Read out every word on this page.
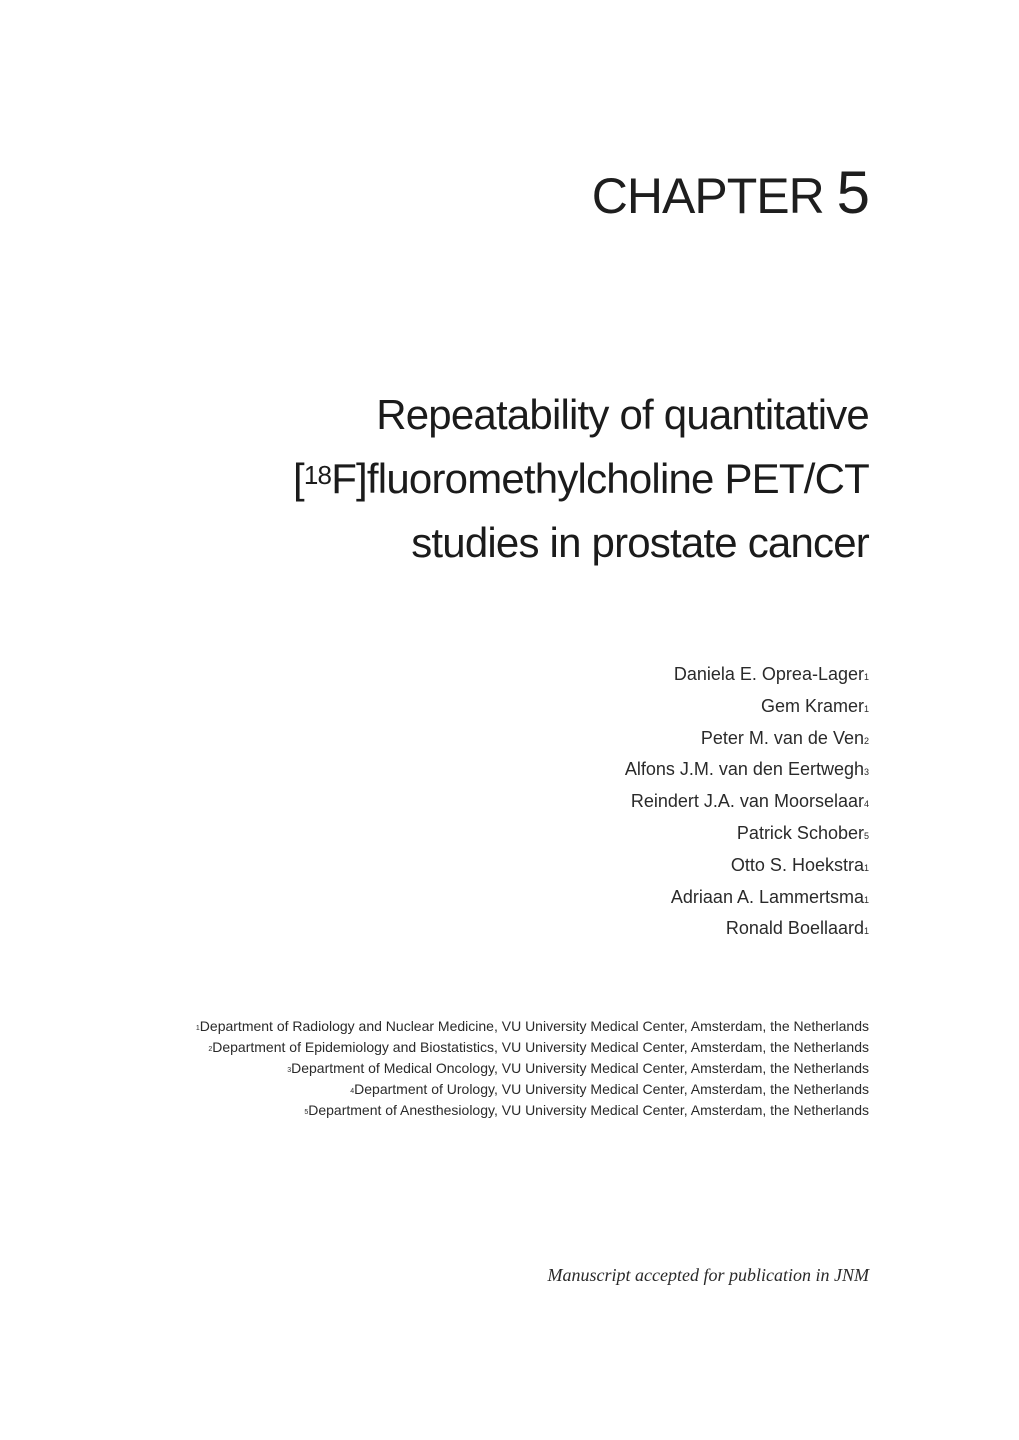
CHAPTER 5
Repeatability of quantitative
[$^{18}$F]fluoromethylcholine PET/CT
studies in prostate cancer
Daniela E. Oprea-Lager$^1$
Gem Kramer$^1$
Peter M. van de Ven$^2$
Alfons J.M. van den Eertwegh$^3$
Reindert J.A. van Moorselaar$^4$
Patrick Schober$^5$
Otto S. Hoekstra$^1$
Adriaan A. Lammertsma$^1$
Ronald Boellaard$^1$
$^1$Department of Radiology and Nuclear Medicine, VU University Medical Center, Amsterdam, the Netherlands
$^2$Department of Epidemiology and Biostatistics, VU University Medical Center, Amsterdam, the Netherlands
$^3$Department of Medical Oncology, VU University Medical Center, Amsterdam, the Netherlands
$^4$Department of Urology, VU University Medical Center, Amsterdam, the Netherlands
$^5$Department of Anesthesiology, VU University Medical Center, Amsterdam, the Netherlands
Manuscript accepted for publication in JNM
